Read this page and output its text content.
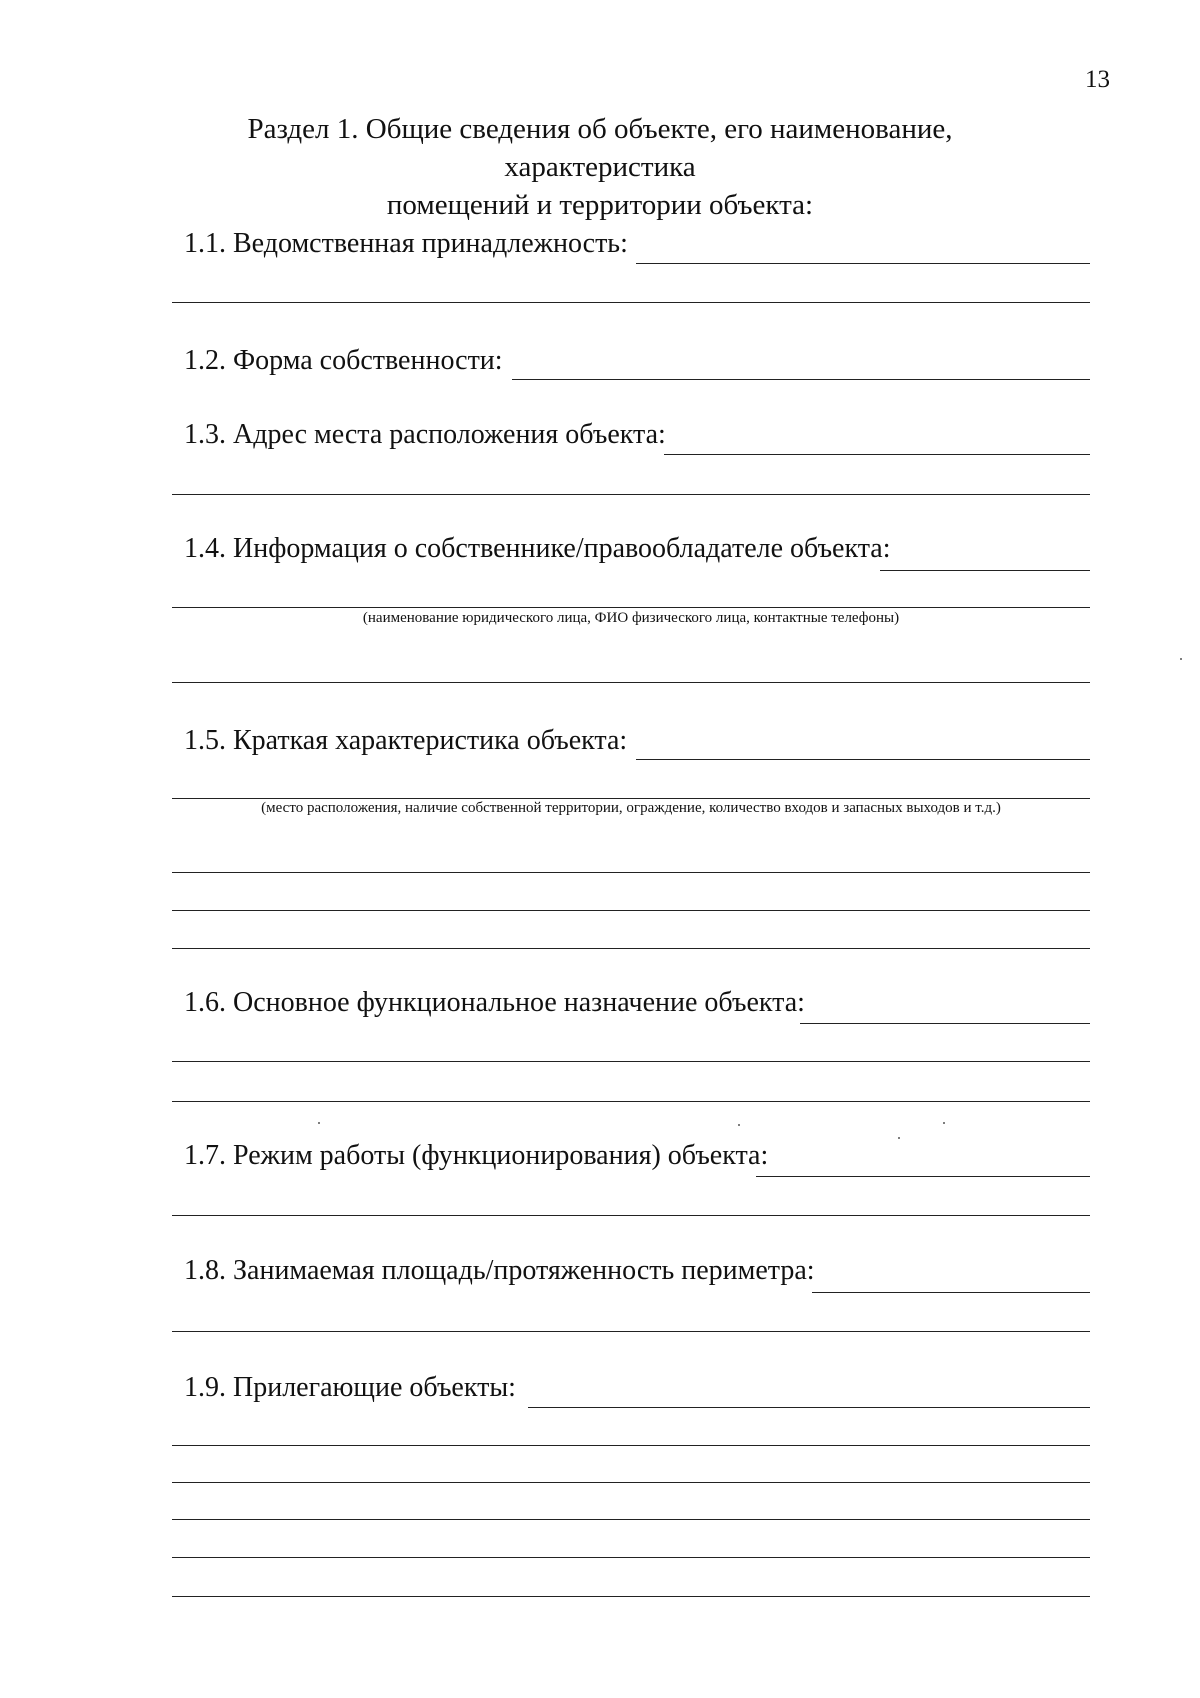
13
Раздел 1. Общие сведения об объекте, его наименование, характеристика
помещений и территории объекта:
1.1. Ведомственная принадлежность:
1.2. Форма собственности:
1.3. Адрес места расположения объекта:
1.4. Информация о собственнике/правообладателе объекта:
(наименование юридического лица, ФИО физического лица, контактные телефоны)
1.5. Краткая характеристика объекта:
(место расположения, наличие собственной территории, ограждение, количество входов и запасных выходов и т.д.)
1.6. Основное функциональное назначение объекта:
1.7. Режим работы (функционирования) объекта:
1.8. Занимаемая площадь/протяженность периметра:
1.9. Прилегающие объекты:
